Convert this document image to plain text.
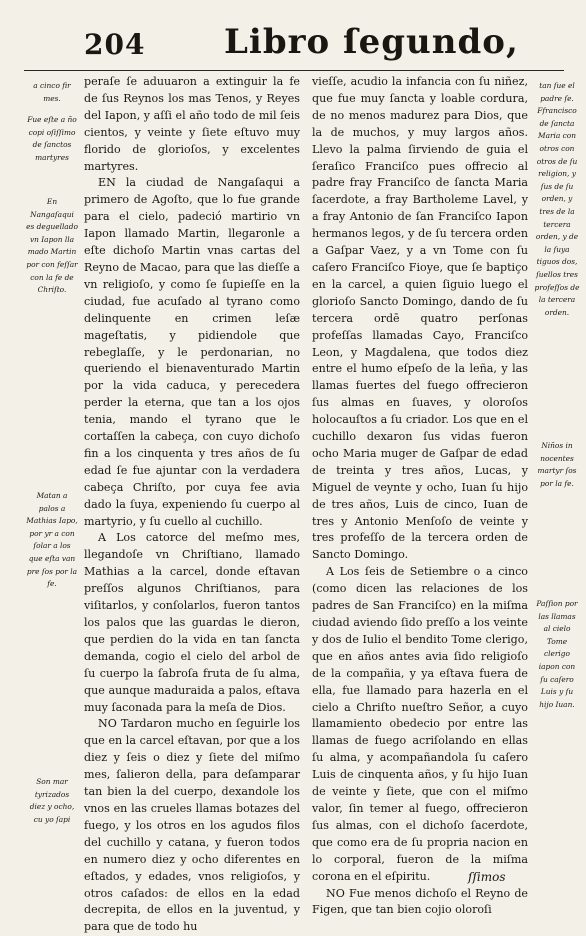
204 Libro ſegundo,
a cinco fir mes.
Fue eſte a ño copi oſiſſimo de ſanctos martyres
En Nangaſaqui es deguellado vn Iapon lla mado Martin por con feſſar con la fe de Chriſto.
Matan a palos a Mathias Iapo, por yr a con ſolar a los que eſta van pre ſos por la fe.
Son mar tyrizados diez y ocho, cu yo ſapi

peraſe ſe aduuaron a extinguir la fe de ſus Reynos los mas Tenos, y Reyes del Iapon, y aſſi el año todo de mil ſeis cientos, y veinte y ſiete eſtuvo muy florido de glorioſos, y excelentes martyres.

EN la ciudad de Nangaſaqui a primero de Agoſto, que lo fue grande para el cielo, padeció martirio vn Iapon llamado Martin, llegaronle a eſte dichoſo Martin vnas cartas del Reyno de Macao, para que las dieſſe a vn religioſo, y como ſe ſupieſſe en la ciudad, fue acuſado al tyrano como delinquente en crimen leſæ mageſtatis, y pidiendole que rebeglaſſe, y le perdonarian, no queriendo el bienaventurado Martin por la vida caduca, y perecedera perder la eterna, que tan a los ojos tenia, mando el tyrano que le cortaſſen la cabeça, con cuyo dichoſo fin a los cinquenta y tres años de ſu edad ſe fue ajuntar con la verdadera cabeça Chriſto, por cuya fee avia dado la ſuya, expeniendo ſu cuerpo al martyrio, y ſu cuello al cuchillo.

A Los catorce del meſmo mes, llegandoſe vn Chriſtiano, llamado Mathias a la carcel, donde eſtavan preſſos algunos Chriſtianos, para viſitarlos, y conſolarlos, fueron tantos los palos que las guardas le dieron, que perdien do la vida en tan ſancta demanda, cogio el cielo del arbol de ſu cuerpo la ſabroſa fruta de ſu alma, que aunque maduraida a palos, eſtava muy ſaconada para la meſa de Dios.

NO Tardaron mucho en ſeguirle los que en la carcel eſtavan, por que a los diez y ſeis o diez y ſiete del miſmo mes, ſalieron della, para deſamparar tan bien la del cuerpo, dexandole los vnos en las crueles llamas botazes del fuego, y los otros en los agudos filos del cuchillo y catana, y fueron todos en numero diez y ocho diferentes en eſtados, y edades, vnos religioſos, y otros caſados: de ellos en la edad decrepita, de ellos en la juventud, y para que de todo hu

vieſſe, acudio la infancia con ſu niñez, que fue muy ſancta y loable cordura, de no menos madurez para Dios, que la de muchos, y muy largos años. Llevo la palma ſirviendo de guia el ſeraſico Franciſco pues offrecio al padre fray Franciſco de ſancta Maria ſacerdote, a fray Bartholeme Lavel, y a fray Antonio de ſan Franciſco Iapon hermanos legos, y de ſu tercera orden a Gaſpar Vaez, y a vn Tome con ſu caſero Franciſco Fioye, que ſe baptiço en la carcel, a quien ſiguio luego el glorioſo Sancto Domingo, dando de ſu tercera ordē quatro perſonas profeſſas llamadas Cayo, Franciſco Leon, y Magdalena, que todos diez entre el humo eſpeſo de la leña, y las llamas fuertes del fuego offrecieron ſus almas en ſuaves, y oloroſos holocauſtos a ſu criador. Los que en el cuchillo dexaron ſus vidas fueron ocho Maria muger de Gaſpar de edad de treinta y tres años, Lucas, y Miguel de veynte y ocho, Iuan ſu hijo de tres años, Luis de cinco, Iuan de tres y Antonio Menſoſo de veinte y tres profeſſo de la tercera orden de Sancto Domingo.

A Los ſeis de Setiembre o a cinco (como dicen las relaciones de los padres de San Franciſco) en la miſma ciudad aviendo ſido preſſo a los veinte y dos de Iulio el bendito Tome clerigo, que en años antes avia ſido religioſo de la compañia, y ya eſtava fuera de ella, fue llamado para hazerla en el cielo a Chriſto nueſtro Señor, a cuyo llamamiento obedecio por entre las llamas de fuego acriſolando en ellas ſu alma, y acompañandola ſu caſero Luis de cinquenta años, y ſu hijo Iuan de veinte y ſiete, que con el miſmo valor, ſin temer al fuego, offrecieron ſus almas, con el dichoſo ſacerdote, que como era de ſu propria nacion en lo corporal, fueron de la miſma corona en el eſpiritu.

NO Fue menos dichoſo el Reyno de Figen, que tan bien cojio oloroſi

tan ſue el padre ſe. Ffrancisco de ſancta Maria con otros con otros de ſu religion, y ſus de ſu orden, y tres de la tercera orden, y de la ſuya tiguos dos, ſuellos tres profeſſos de la tercera orden.
Niños in nocentes martyr ſos por la fe.
Paſſion por las llamas al cielo Tome clerigo iapon con ſu caſero Luis y ſu hijo Iuan.
ſſimos
